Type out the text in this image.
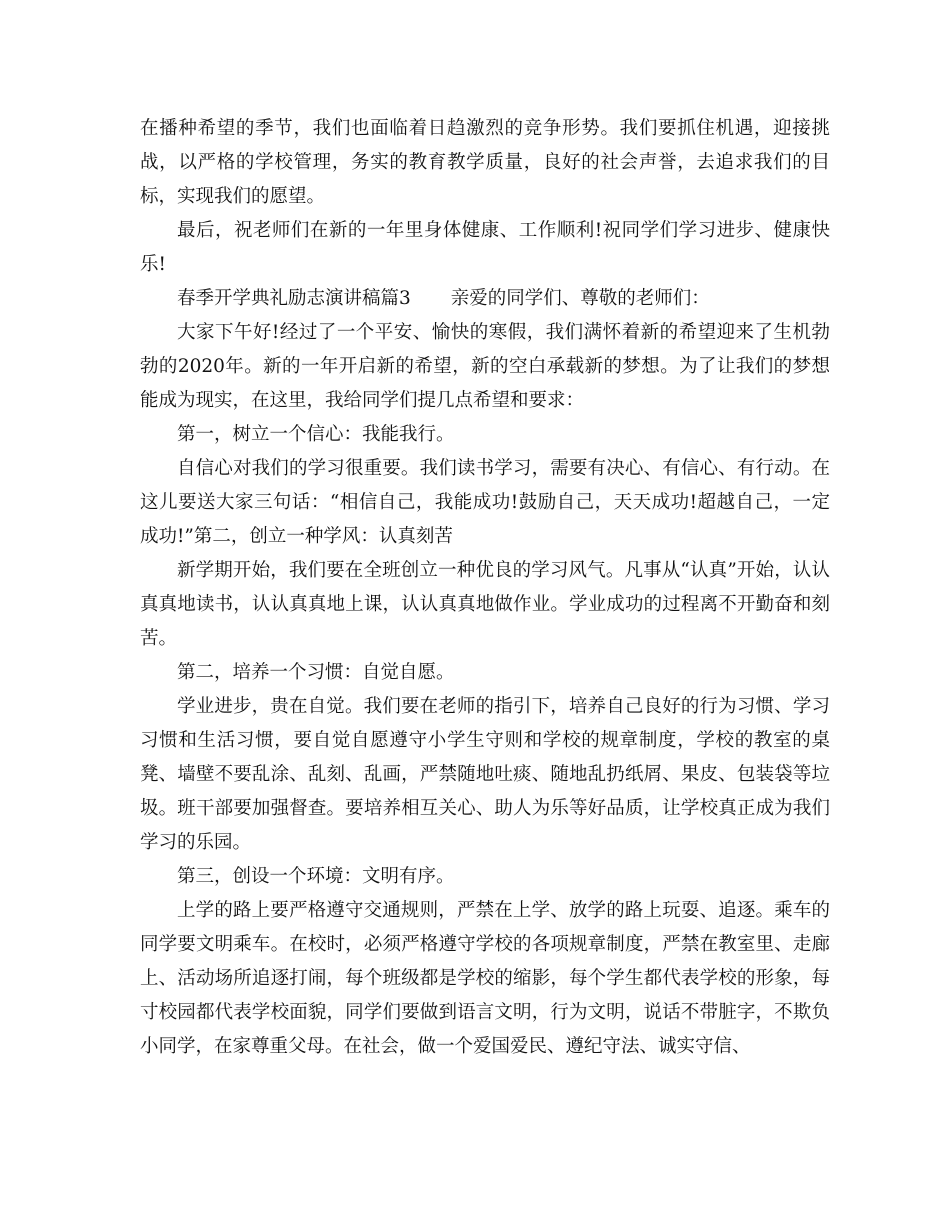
在播种希望的季节，我们也面临着日趋激烈的竞争形势。我们要抓住机遇，迎接挑战，以严格的学校管理，务实的教育教学质量，良好的社会声誉，去追求我们的目标，实现我们的愿望。

最后，祝老师们在新的一年里身体健康、工作顺利!祝同学们学习进步、健康快乐!

春季开学典礼励志演讲稿篇3 亲爱的同学们、尊敬的老师们：

大家下午好!经过了一个平安、愉快的寒假，我们满怀着新的希望迎来了生机勃勃的2020年。新的一年开启新的希望，新的空白承载新的梦想。为了让我们的梦想能成为现实，在这里，我给同学们提几点希望和要求：

第一，树立一个信心：我能我行。

自信心对我们的学习很重要。我们读书学习，需要有决心、有信心、有行动。在这儿要送大家三句话：“相信自己，我能成功!鼓励自己，天天成功!超越自己，一定成功!”第二，创立一种学风：认真刻苦

新学期开始，我们要在全班创立一种优良的学习风气。凡事从“认真”开始，认认真真地读书，认认真真地上课，认认真真地做作业。学业成功的过程离不开勤奋和刻苦。

第二，培养一个习惯：自觉自愿。

学业进步，贵在自觉。我们要在老师的指引下，培养自己良好的行为习惯、学习习惯和生活习惯，要自觉自愿遵守小学生守则和学校的规章制度，学校的教室的桌凳、墙壁不要乱涂、乱刻、乱画，严禁随地吐痰、随地乱扔纸屑、果皮、包装袋等垃圾。班干部要加强督查。要培养相互关心、助人为乐等好品质，让学校真正成为我们学习的乐园。

第三，创设一个环境：文明有序。

上学的路上要严格遵守交通规则，严禁在上学、放学的路上玩耍、追逐。乘车的同学要文明乘车。在校时，必须严格遵守学校的各项规章制度，严禁在教室里、走廊上、活动场所追逐打闹，每个班级都是学校的缩影，每个学生都代表学校的形象，每寸校园都代表学校面貌，同学们要做到语言文明，行为文明，说话不带脏字，不欺负小同学，在家尊重父母。在社会，做一个爱国爱民、遵纪守法、诚实守信、
